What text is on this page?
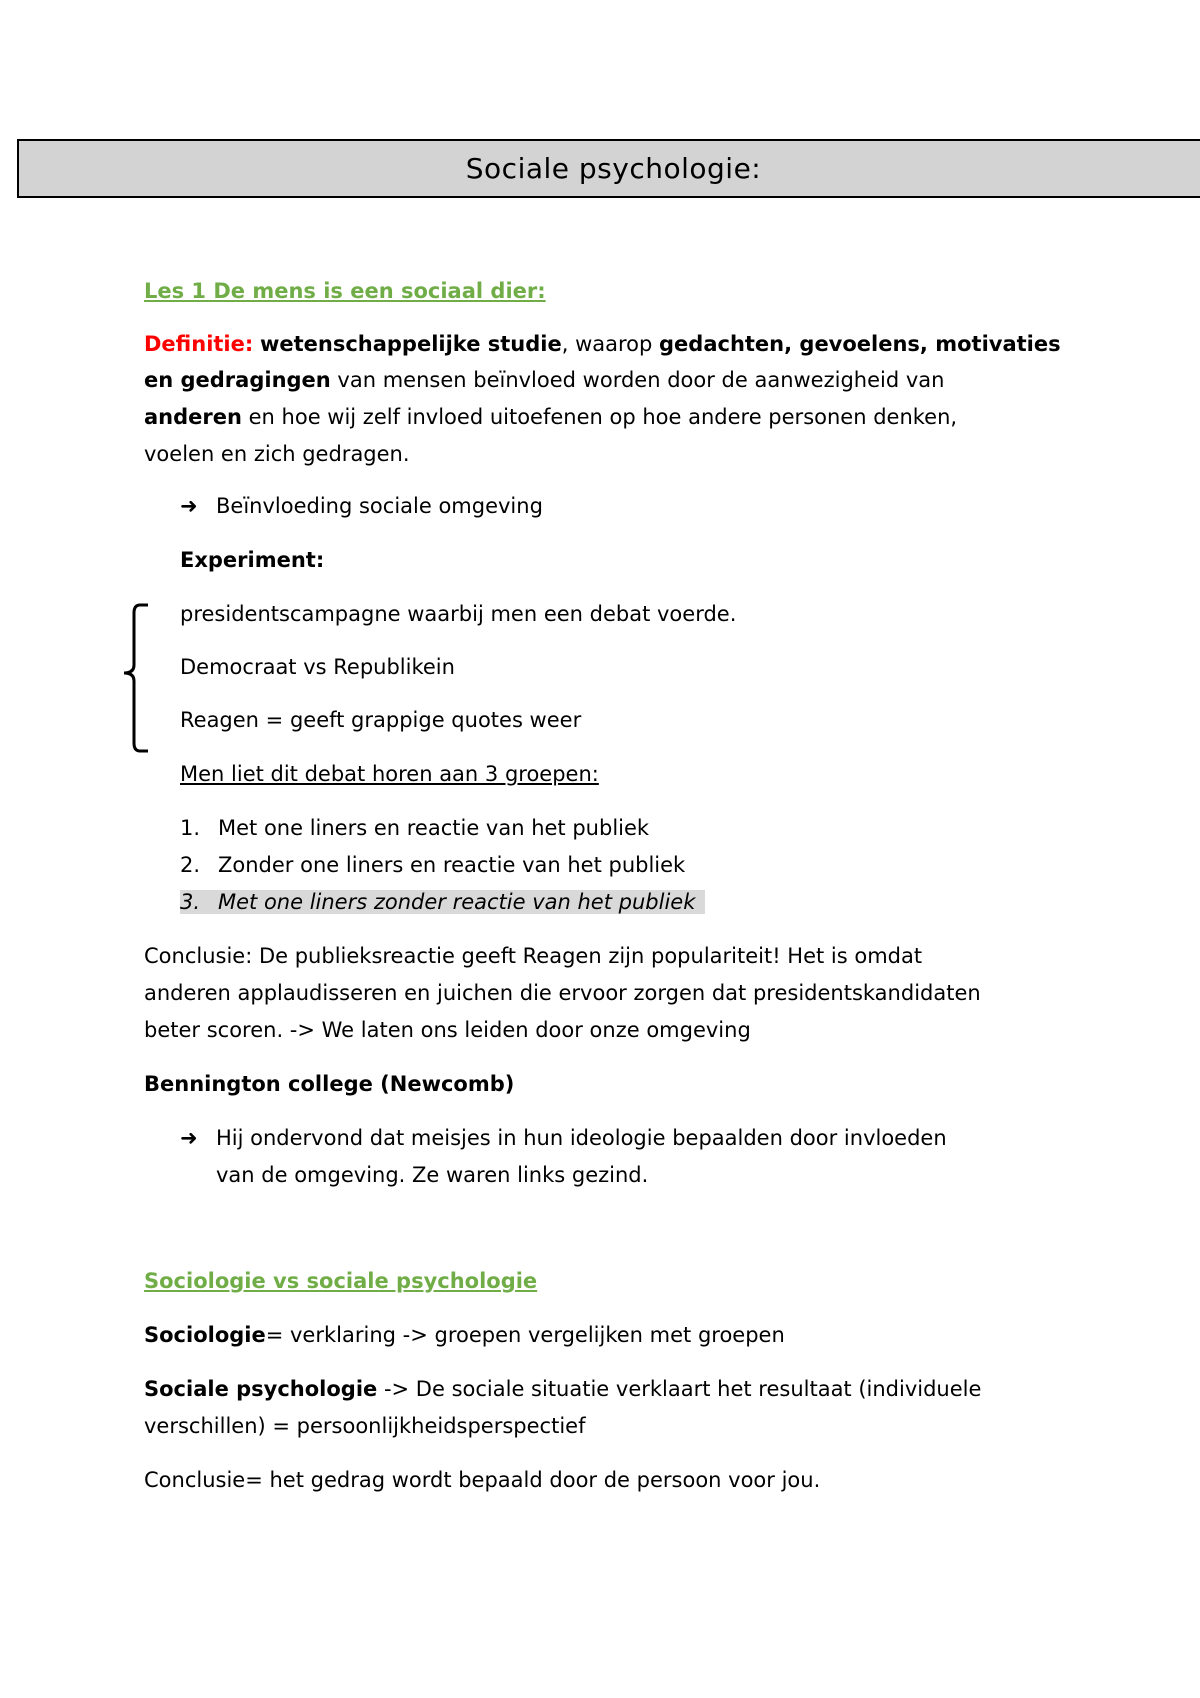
Sociale psychologie:
Les 1 De mens is een sociaal dier:
Definitie: wetenschappelijke studie, waarop gedachten, gevoelens, motivaties
en gedragingen van mensen beïnvloed worden door de aanwezigheid van
anderen en hoe wij zelf invloed uitoefenen op hoe andere personen denken,
voelen en zich gedragen.
➜ Beïnvloeding sociale omgeving
Experiment:
presidentscampagne waarbij men een debat voerde.
Democraat vs Republikein
Reagen = geeft grappige quotes weer
Men liet dit debat horen aan 3 groepen:
1. Met one liners en reactie van het publiek
2. Zonder one liners en reactie van het publiek
3. Met one liners zonder reactie van het publiek
Conclusie: De publieksreactie geeft Reagen zijn populariteit! Het is omdat
anderen applaudisseren en juichen die ervoor zorgen dat presidentskandidaten
beter scoren. -> We laten ons leiden door onze omgeving
Bennington college (Newcomb)
➜ Hij ondervond dat meisjes in hun ideologie bepaalden door invloeden
van de omgeving. Ze waren links gezind.
Sociologie vs sociale psychologie
Sociologie= verklaring -> groepen vergelijken met groepen
Sociale psychologie -> De sociale situatie verklaart het resultaat (individuele
verschillen) = persoonlijkheidsperspectief
Conclusie= het gedrag wordt bepaald door de persoon voor jou.
